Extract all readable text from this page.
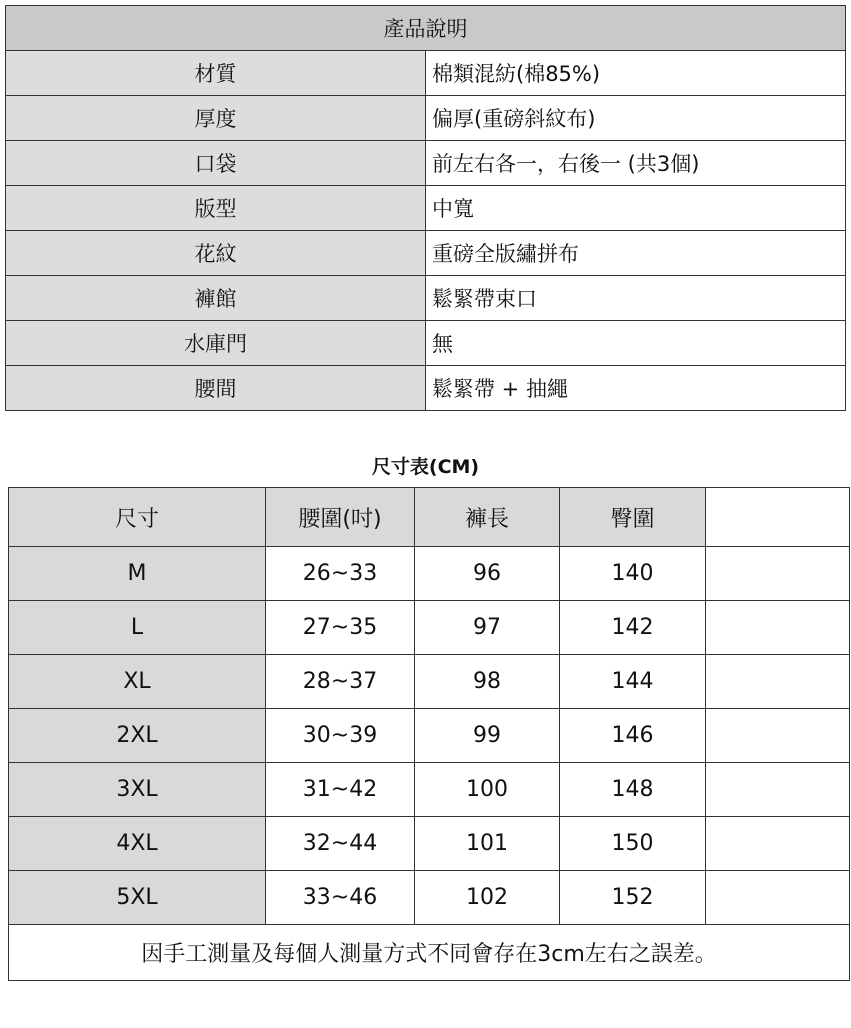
產品說明	
材質	棉類混紡(棉85%)
厚度	偏厚(重磅斜紋布)
口袋	前左右各一，右後一 (共3個)
版型	中寬
花紋	重磅全版繡拼布
褲館	鬆緊帶束口
水庫門	無
腰間	鬆緊帶 + 抽繩
尺寸表(CM)
尺寸	腰圍(吋)	褲長	臀圍	
M	26~33	96	140	
L	27~35	97	142	
XL	28~37	98	144	
2XL	30~39	99	146	
3XL	31~42	100	148	
4XL	32~44	101	150	
5XL	33~46	102	152	
因手工測量及每個人測量方式不同會存在3cm左右之誤差。				
